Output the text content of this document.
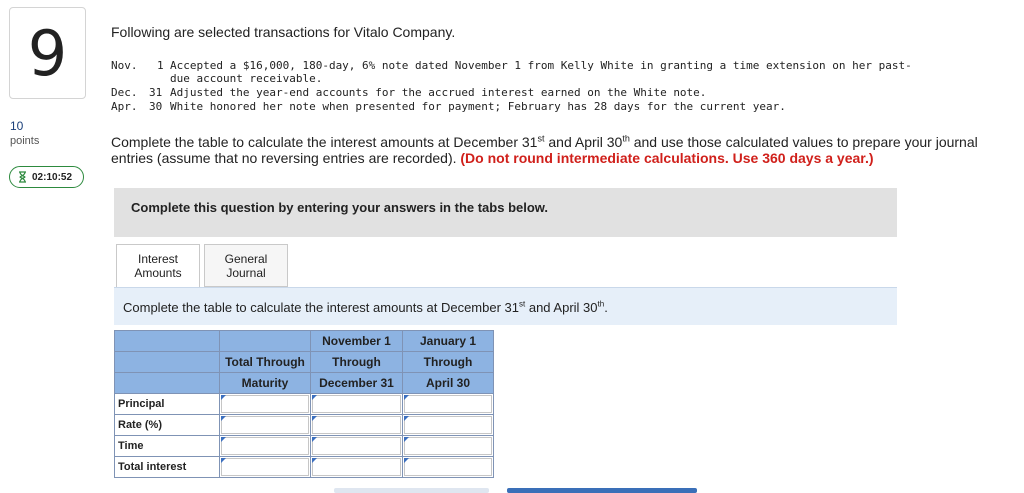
9
10
points
02:10:52
Following are selected transactions for Vitalo Company.
Nov. 1 Accepted a $16,000, 180-day, 6% note dated November 1 from Kelly White in granting a time extension on her past-
due account receivable.
Dec. 31 Adjusted the year-end accounts for the accrued interest earned on the White note.
Apr. 30 White honored her note when presented for payment; February has 28 days for the current year.
Complete the table to calculate the interest amounts at December 31st and April 30th and use those calculated values to prepare your journal entries (assume that no reversing entries are recorded). (Do not round intermediate calculations. Use 360 days a year.)
Complete this question by entering your answers in the tabs below.
Interest
Amounts
General
Journal
Complete the table to calculate the interest amounts at December 31st and April 30th.
		November 1	January 1
	Total Through	Through	Through
	Maturity	December 31	April 30
Principal	

Rate (%)	

Time	

Total interest	
